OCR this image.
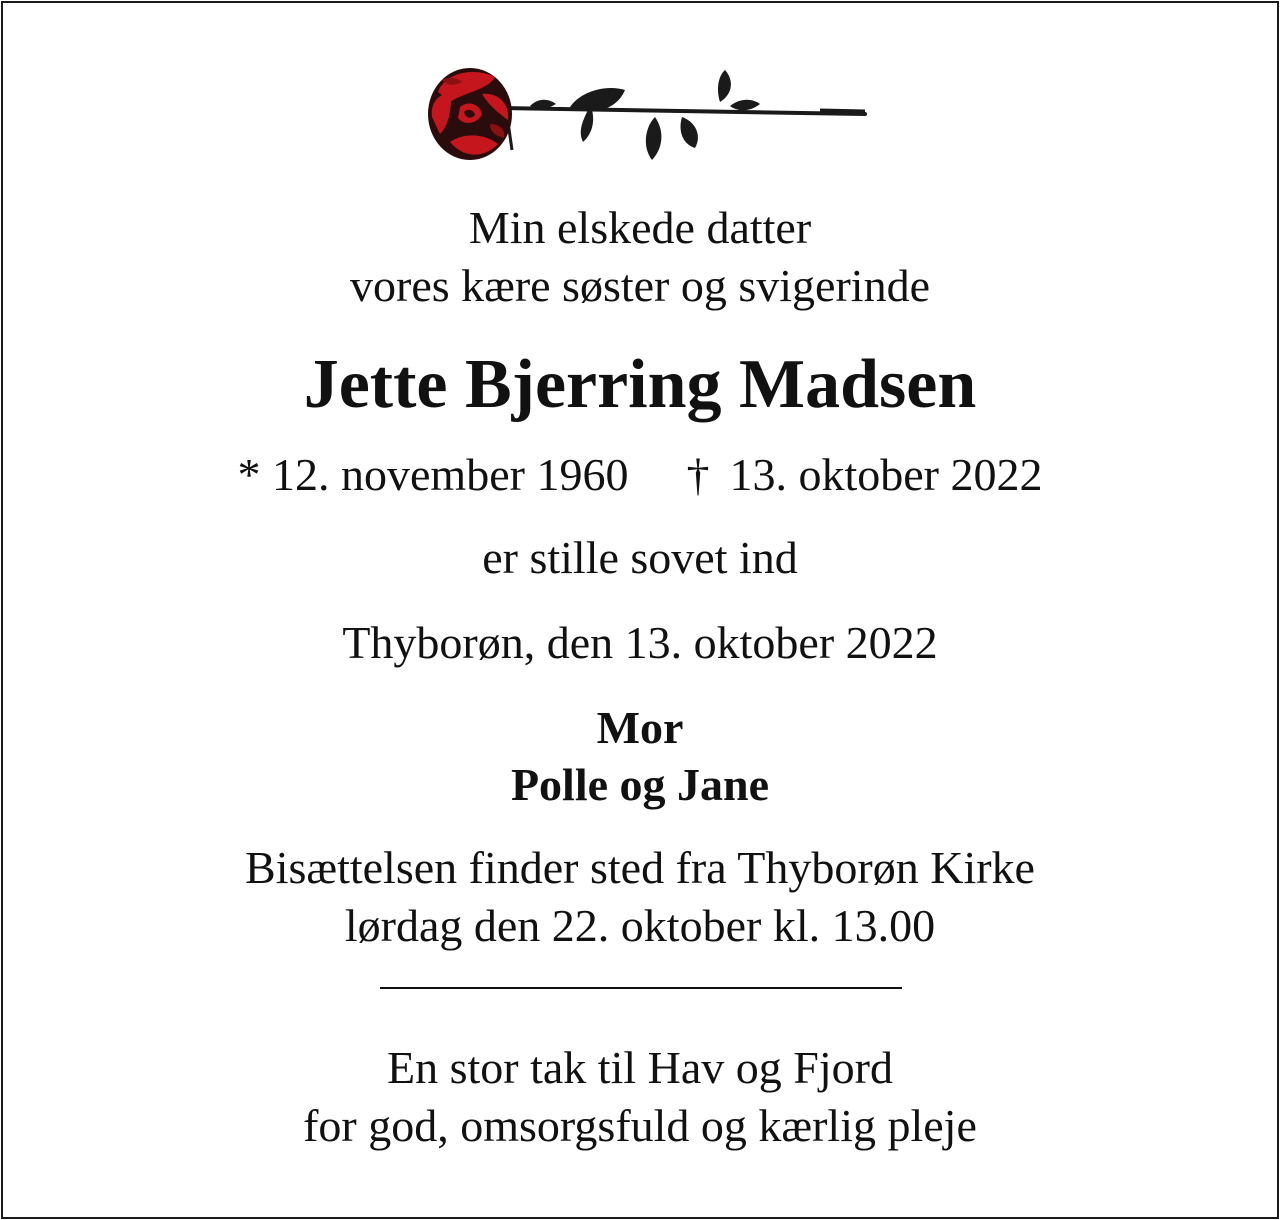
Min elskede datter
vores kære søster og svigerinde
Jette Bjerring Madsen
* 12. november 1960 † 13. oktober 2022
er stille sovet ind
Thyborøn, den 13. oktober 2022
Mor
Polle og Jane
Bisættelsen finder sted fra Thyborøn Kirke
lørdag den 22. oktober kl. 13.00
En stor tak til Hav og Fjord
for god, omsorgsfuld og kærlig pleje
